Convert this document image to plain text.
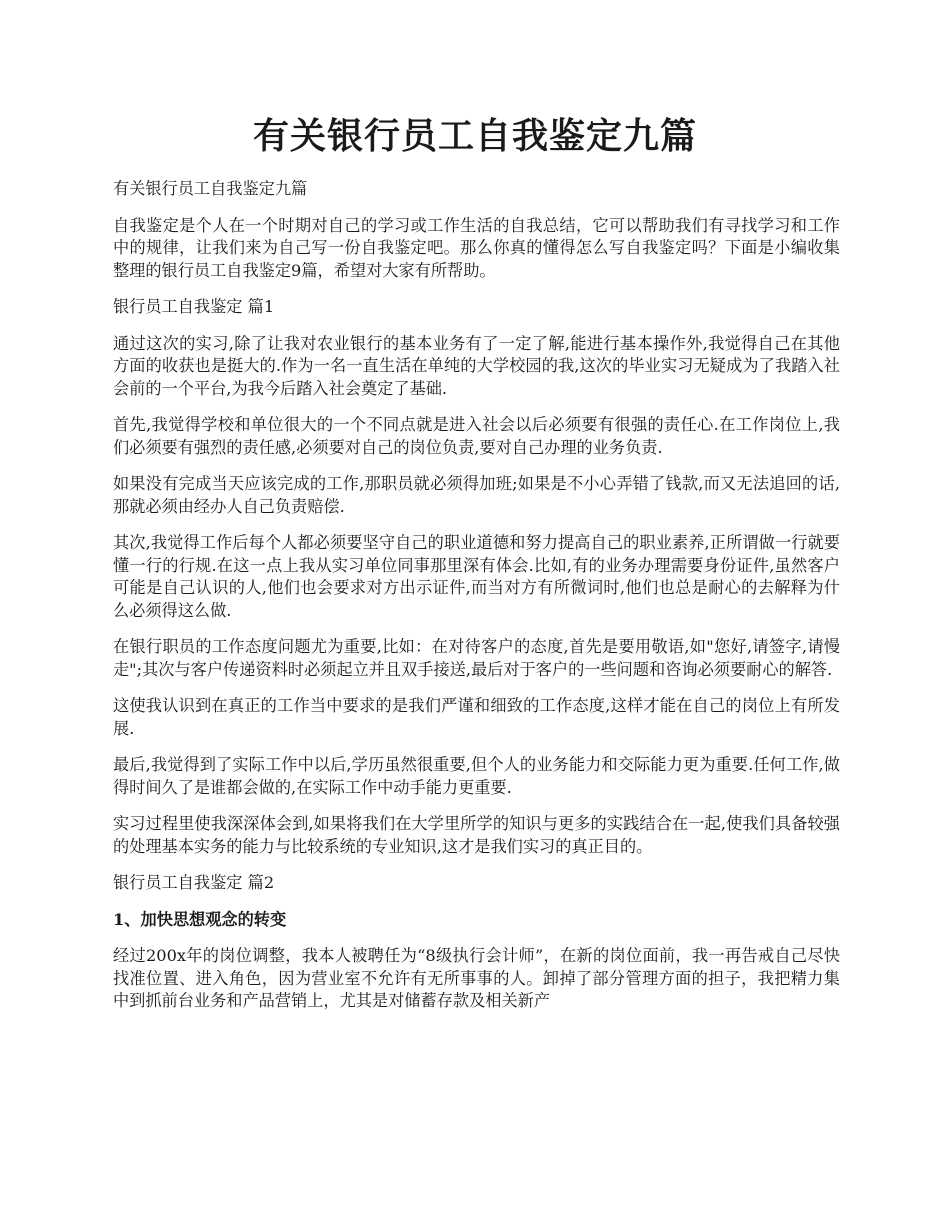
有关银行员工自我鉴定九篇

有关银行员工自我鉴定九篇

自我鉴定是个人在一个时期对自己的学习或工作生活的自我总结，它可以帮助我们有寻找学习和工作中的规律，让我们来为自己写一份自我鉴定吧。那么你真的懂得怎么写自我鉴定吗？下面是小编收集整理的银行员工自我鉴定9篇，希望对大家有所帮助。

银行员工自我鉴定 篇1

通过这次的实习,除了让我对农业银行的基本业务有了一定了解,能进行基本操作外,我觉得自己在其他方面的收获也是挺大的.作为一名一直生活在单纯的大学校园的我,这次的毕业实习无疑成为了我踏入社会前的一个平台,为我今后踏入社会奠定了基础.

首先,我觉得学校和单位很大的一个不同点就是进入社会以后必须要有很强的责任心.在工作岗位上,我们必须要有强烈的责任感,必须要对自己的岗位负责,要对自己办理的业务负责.

如果没有完成当天应该完成的工作,那职员就必须得加班;如果是不小心弄错了钱款,而又无法追回的话,那就必须由经办人自己负责赔偿.

其次,我觉得工作后每个人都必须要坚守自己的职业道德和努力提高自己的职业素养,正所谓做一行就要懂一行的行规.在这一点上我从实习单位同事那里深有体会.比如,有的业务办理需要身份证件,虽然客户可能是自己认识的人,他们也会要求对方出示证件,而当对方有所微词时,他们也总是耐心的去解释为什么必须得这么做.

在银行职员的工作态度问题尤为重要,比如：在对待客户的态度,首先是要用敬语,如"您好,请签字,请慢走";其次与客户传递资料时必须起立并且双手接送,最后对于客户的一些问题和咨询必须要耐心的解答.

这使我认识到在真正的工作当中要求的是我们严谨和细致的工作态度,这样才能在自己的岗位上有所发展.

最后,我觉得到了实际工作中以后,学历虽然很重要,但个人的业务能力和交际能力更为重要.任何工作,做得时间久了是谁都会做的,在实际工作中动手能力更重要.

实习过程里使我深深体会到,如果将我们在大学里所学的知识与更多的实践结合在一起,使我们具备较强的处理基本实务的能力与比较系统的专业知识,这才是我们实习的真正目的。

银行员工自我鉴定 篇2

1、加快思想观念的转变

经过200x年的岗位调整，我本人被聘任为“8级执行会计师”，在新的岗位面前，我一再告戒自己尽快找准位置、进入角色，因为营业室不允许有无所事事的人。卸掉了部分管理方面的担子，我把精力集中到抓前台业务和产品营销上，尤其是对储蓄存款及相关新产
